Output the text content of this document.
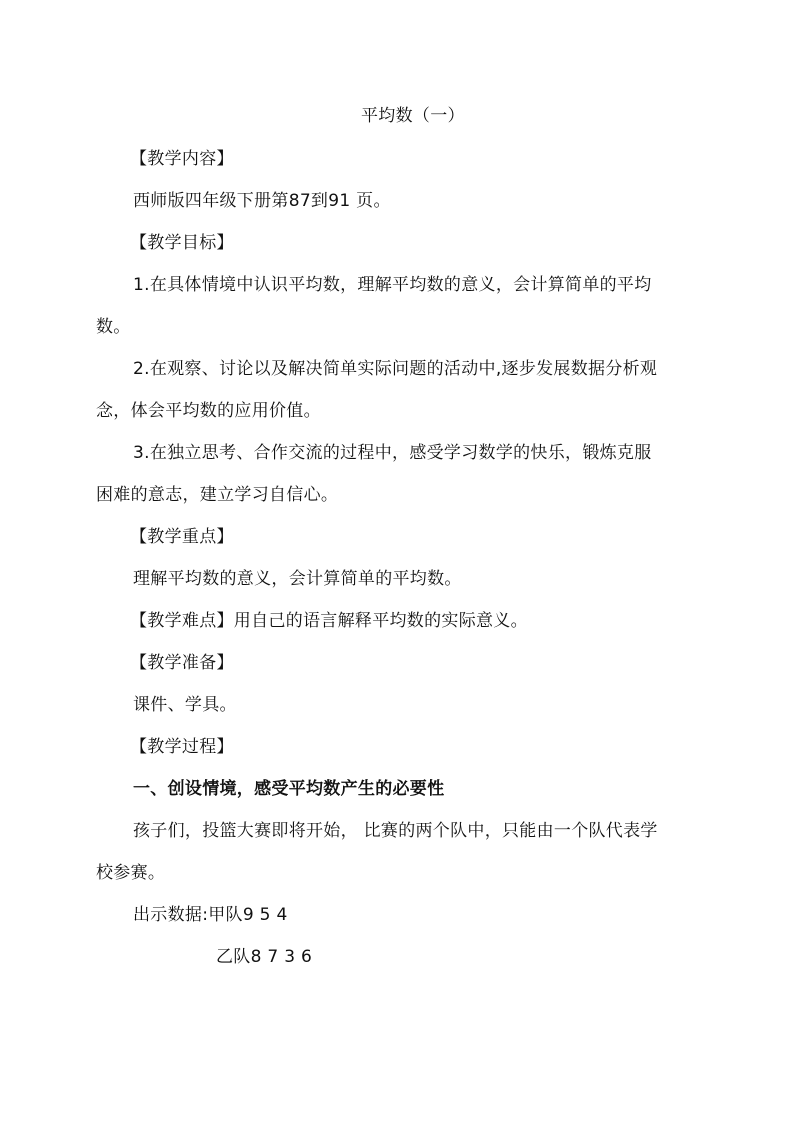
平均数（一）
【教学内容】
西师版四年级下册第87到91 页。
【教学目标】
1.在具体情境中认识平均数，理解平均数的意义，会计算简单的平均
数。
2.在观察、讨论以及解决简单实际问题的活动中,逐步发展数据分析观
念，体会平均数的应用价值。
3.在独立思考、合作交流的过程中，感受学习数学的快乐，锻炼克服
困难的意志，建立学习自信心。
【教学重点】
理解平均数的意义，会计算简单的平均数。
【教学难点】用自己的语言解释平均数的实际意义。
【教学准备】
课件、学具。
【教学过程】
一、创设情境，感受平均数产生的必要性
孩子们，投篮大赛即将开始， 比赛的两个队中，只能由一个队代表学
校参赛。
出示数据:甲队9 5 4
乙队8 7 3 6
